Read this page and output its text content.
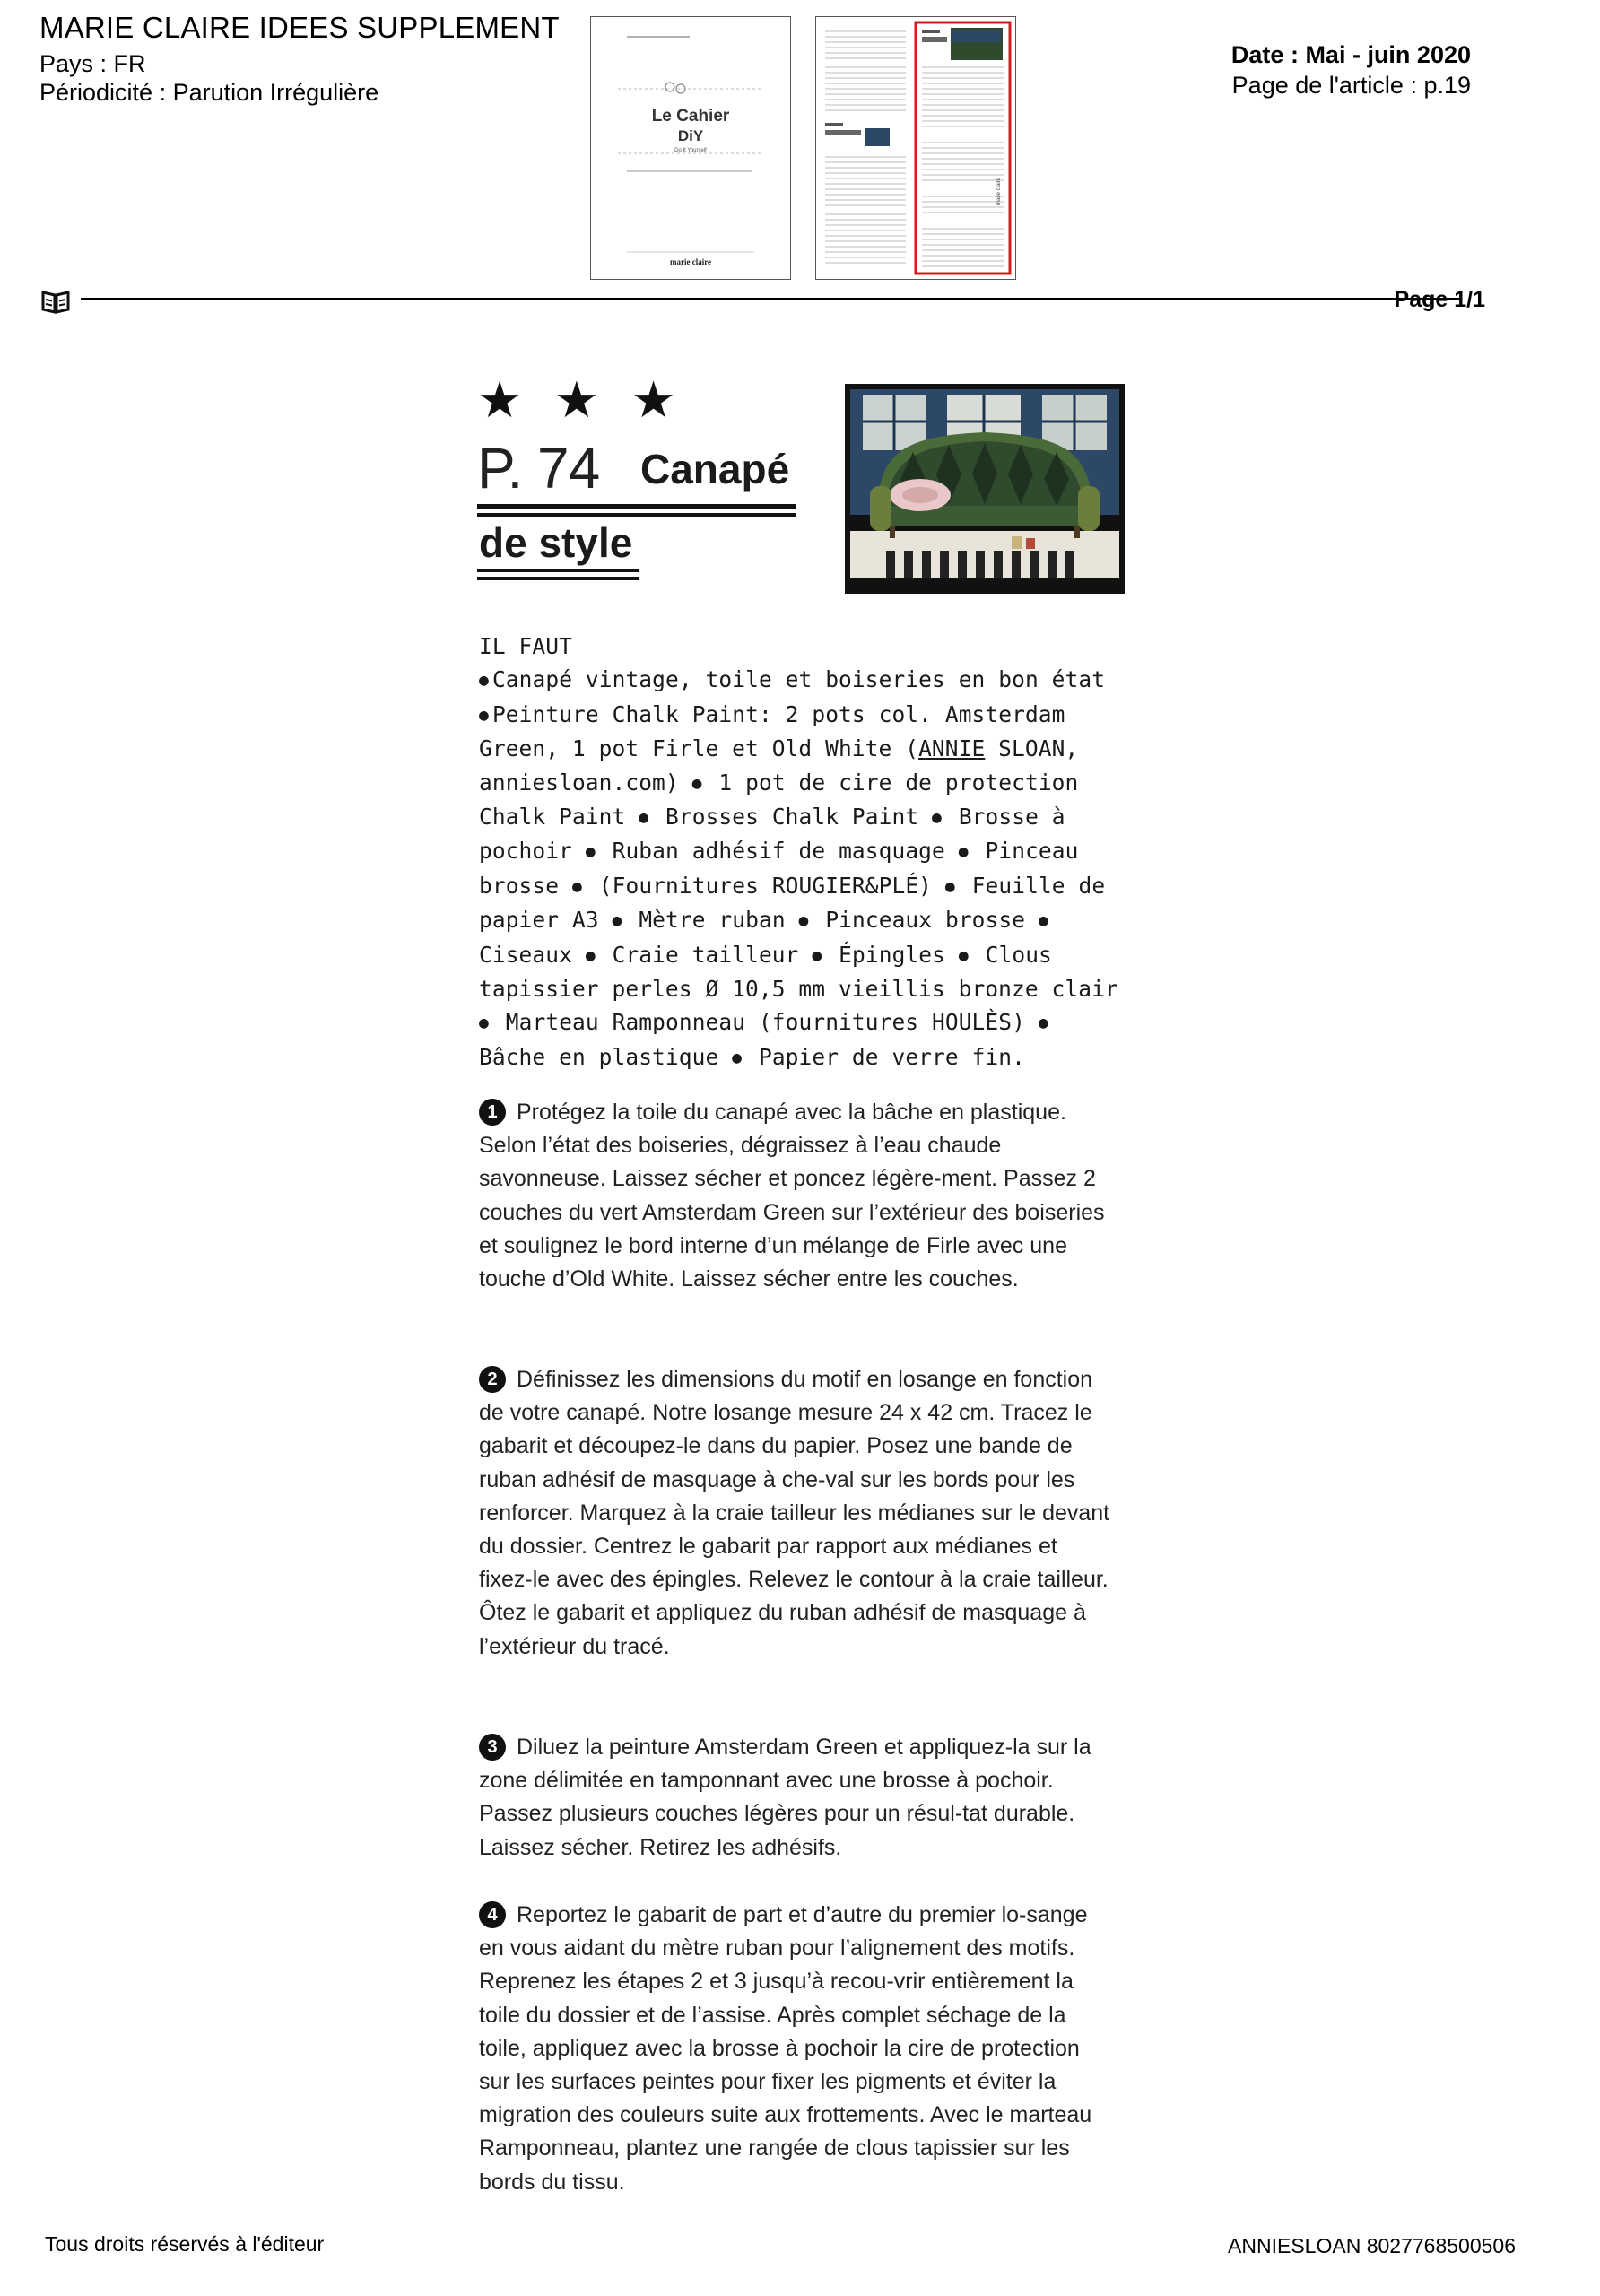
MARIE CLAIRE IDEES SUPPLEMENT
Pays : FR
Périodicité : Parution Irrégulière
Le Cahier
DiY
Do It Yourself
marie claire
marie claire
Date : Mai - juin 2020
Page de l'article : p.19
Page 1/1
★ ★ ★
P. 74 Canapé
de style
IL FAUT
● Canapé vintage, toile et boiseries en bon état
● Peinture Chalk Paint: 2 pots col. Amsterdam Green, 1 pot Firle et Old White (ANNIE SLOAN, anniesloan.com) ● 1 pot de cire de protection Chalk Paint ● Brosses Chalk Paint ● Brosse à pochoir ● Ruban adhésif de masquage ● Pinceau brosse ● (Fournitures ROUGIER&PLÉ) ● Feuille de papier A3 ● Mètre ruban ● Pinceaux brosse ● Ciseaux ● Craie tailleur ● Épingles ● Clous tapissier perles Ø 10,5 mm vieillis bronze clair ● Marteau Ramponneau (fournitures HOULÈS) ● Bâche en plastique ● Papier de verre fin.
1 Protégez la toile du canapé avec la bâche en plastique. Selon l’état des boiseries, dégraissez à l’eau chaude savonneuse. Laissez sécher et poncez légère-ment. Passez 2 couches du vert Amsterdam Green sur l’extérieur des boiseries et soulignez le bord interne d’un mélange de Firle avec une touche d’Old White. Laissez sécher entre les couches.
2 Définissez les dimensions du motif en losange en fonction de votre canapé. Notre losange mesure 24 x 42 cm. Tracez le gabarit et découpez-le dans du papier. Posez une bande de ruban adhésif de masquage à che-val sur les bords pour les renforcer. Marquez à la craie tailleur les médianes sur le devant du dossier. Centrez le gabarit par rapport aux médianes et fixez-le avec des épingles. Relevez le contour à la craie tailleur. Ôtez le gabarit et appliquez du ruban adhésif de masquage à l’extérieur du tracé.
3 Diluez la peinture Amsterdam Green et appliquez-la sur la zone délimitée en tamponnant avec une brosse à pochoir. Passez plusieurs couches légères pour un résul-tat durable. Laissez sécher. Retirez les adhésifs.
4 Reportez le gabarit de part et d’autre du premier lo-sange en vous aidant du mètre ruban pour l’alignement des motifs. Reprenez les étapes 2 et 3 jusqu’à recou-vrir entièrement la toile du dossier et de l’assise. Après complet séchage de la toile, appliquez avec la brosse à pochoir la cire de protection sur les surfaces peintes pour fixer les pigments et éviter la migration des couleurs suite aux frottements. Avec le marteau Ramponneau, plantez une rangée de clous tapissier sur les bords du tissu.
Tous droits réservés à l'éditeur	ANNIESLOAN 8027768500506
